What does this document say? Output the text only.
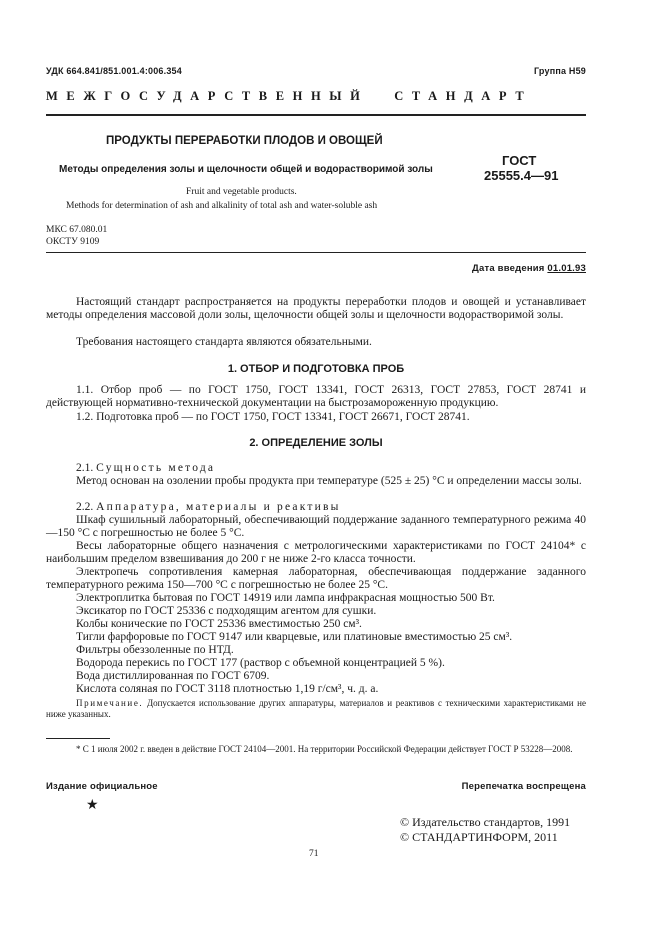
УДК 664.841/851.001.4:006.354	Группа Н59
МЕЖГОСУДАРСТВЕННЫЙ СТАНДАРТ
ПРОДУКТЫ ПЕРЕРАБОТКИ ПЛОДОВ И ОВОЩЕЙ
Методы определения золы и щелочности общей и водорастворимой золы
ГОСТ
25555.4—91
Fruit and vegetable products.
Methods for determination of ash and alkalinity of total ash and water-soluble ash
МКС 67.080.01
ОКСТУ 9109
Дата введения 01.01.93
Настоящий стандарт распространяется на продукты переработки плодов и овощей и устанавливает методы определения массовой доли золы, щелочности общей золы и щелочности водорастворимой золы.
Требования настоящего стандарта являются обязательными.
1. ОТБОР И ПОДГОТОВКА ПРОБ
1.1. Отбор проб — по ГОСТ 1750, ГОСТ 13341, ГОСТ 26313, ГОСТ 27853, ГОСТ 28741 и действующей нормативно-технической документации на быстрозамороженную продукцию.
1.2. Подготовка проб — по ГОСТ 1750, ГОСТ 13341, ГОСТ 26671, ГОСТ 28741.
2. ОПРЕДЕЛЕНИЕ ЗОЛЫ
2.1. Сущность метода
Метод основан на озолении пробы продукта при температуре (525 ± 25) °С и определении массы золы.
2.2. Аппаратура, материалы и реактивы
Шкаф сушильный лабораторный, обеспечивающий поддержание заданного температурного режима 40—150 °С с погрешностью не более 5 °С.
Весы лабораторные общего назначения с метрологическими характеристиками по ГОСТ 24104* с наибольшим пределом взвешивания до 200 г не ниже 2-го класса точности.
Электропечь сопротивления камерная лабораторная, обеспечивающая поддержание заданного температурного режима 150—700 °С с погрешностью не более 25 °С.
Электроплитка бытовая по ГОСТ 14919 или лампа инфракрасная мощностью 500 Вт.
Эксикатор по ГОСТ 25336 с подходящим агентом для сушки.
Колбы конические по ГОСТ 25336 вместимостью 250 см³.
Тигли фарфоровые по ГОСТ 9147 или кварцевые, или платиновые вместимостью 25 см³.
Фильтры обеззоленные по НТД.
Водорода перекись по ГОСТ 177 (раствор с объемной концентрацией 5 %).
Вода дистиллированная по ГОСТ 6709.
Кислота соляная по ГОСТ 3118 плотностью 1,19 г/см³, ч. д. а.
Примечание. Допускается использование других аппаратуры, материалов и реактивов с техническими характеристиками не ниже указанных.
* С 1 июля 2002 г. введен в действие ГОСТ 24104—2001. На территории Российской Федерации действует ГОСТ Р 53228—2008.
Издание официальное	Перепечатка воспрещена
★
© Издательство стандартов, 1991
© СТАНДАРТИНФОРМ, 2011
71
